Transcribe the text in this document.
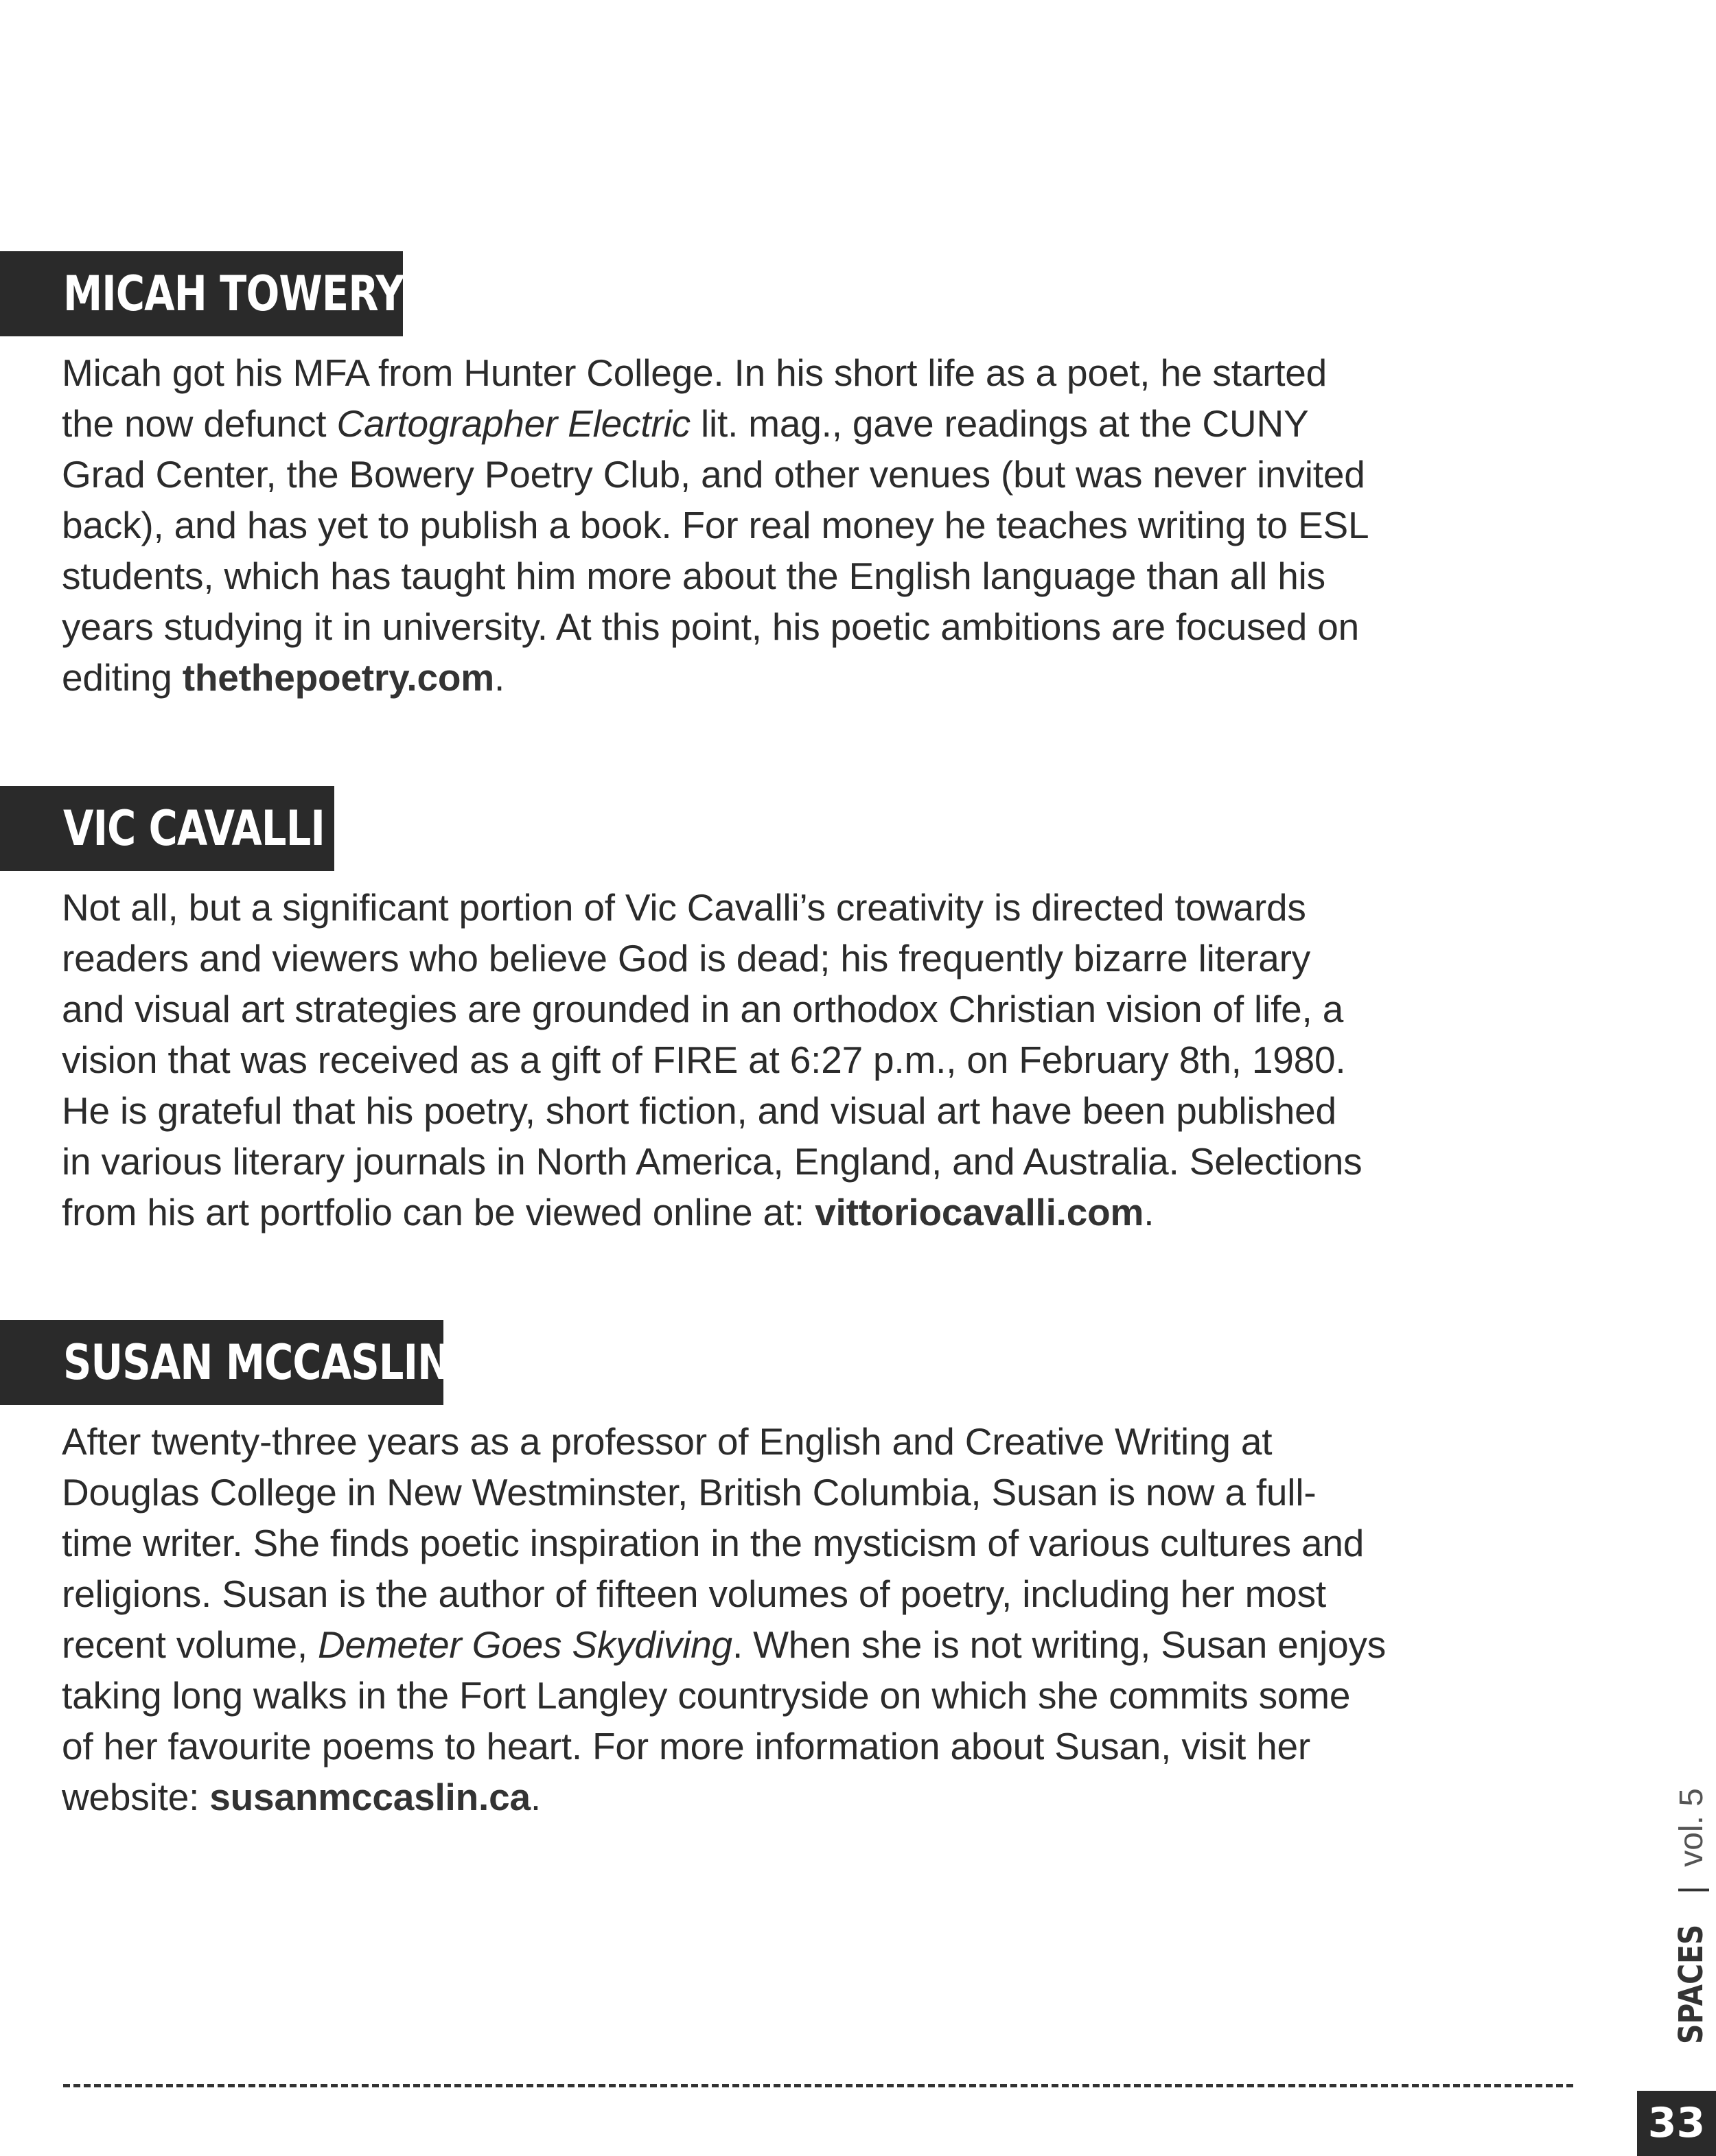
MICAH TOWERY
Micah got his MFA from Hunter College. In his short life as a poet, he started
the now defunct Cartographer Electric lit. mag., gave readings at the CUNY
Grad Center, the Bowery Poetry Club, and other venues (but was never invited
back), and has yet to publish a book. For real money he teaches writing to ESL
students, which has taught him more about the English language than all his
years studying it in university. At this point, his poetic ambitions are focused on
editing thethepoetry.com.
VIC CAVALLI
Not all, but a significant portion of Vic Cavalli’s creativity is directed towards
readers and viewers who believe God is dead; his frequently bizarre literary
and visual art strategies are grounded in an orthodox Christian vision of life, a
vision that was received as a gift of FIRE at 6:27 p.m., on February 8th, 1980.
He is grateful that his poetry, short fiction, and visual art have been published
in various literary journals in North America, England, and Australia. Selections
from his art portfolio can be viewed online at: vittoriocavalli.com.
SUSAN MCCASLIN
After twenty-three years as a professor of English and Creative Writing at
Douglas College in New Westminster, British Columbia, Susan is now a full-
time writer. She finds poetic inspiration in the mysticism of various cultures and
religions. Susan is the author of fifteen volumes of poetry, including her most
recent volume, Demeter Goes Skydiving. When she is not writing, Susan enjoys
taking long walks in the Fort Langley countryside on which she commits some
of her favourite poems to heart. For more information about Susan, visit her
website: susanmccaslin.ca.
SPACES | vol. 5
33
